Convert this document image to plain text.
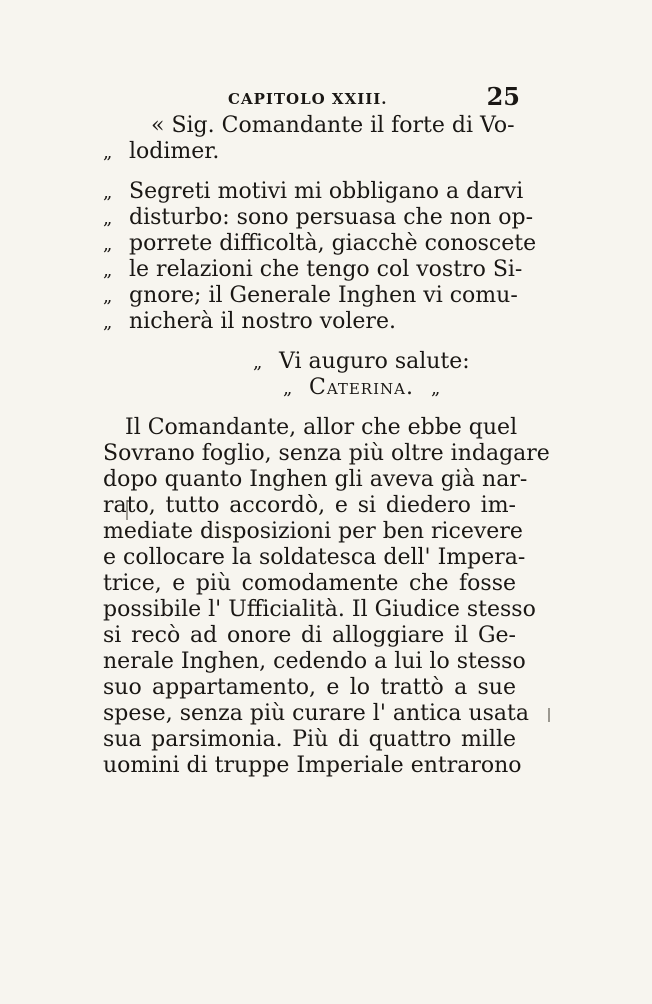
CAPITOLO XXIII.	25
« Sig. Comandante il forte di Vo-
„ lodimer.
„ Segreti motivi mi obbligano a darvi
„ disturbo: sono persuasa che non op-
„ porrete difficoltà, giacchè conoscete
„ le relazioni che tengo col vostro Si-
„ gnore; il Generale Inghen vi comu-
„ nicherà il nostro volere.
„ Vi auguro salute:
„ Caterina. „
Il Comandante, allor che ebbe quel
Sovrano foglio, senza più oltre indagare
dopo quanto Inghen gli aveva già nar-
rato, tutto accordò, e si diedero im-
mediate disposizioni per ben ricevere
e collocare la soldatesca dell' Impera-
trice, e più comodamente che fosse
possibile l' Ufficialità. Il Giudice stesso
si recò ad onore di alloggiare il Ge-
nerale Inghen, cedendo a lui lo stesso
suo appartamento, e lo trattò a sue
spese, senza più curare l' antica usata
sua parsimonia. Più di quattro mille
uomini di truppe Imperiale entrarono
